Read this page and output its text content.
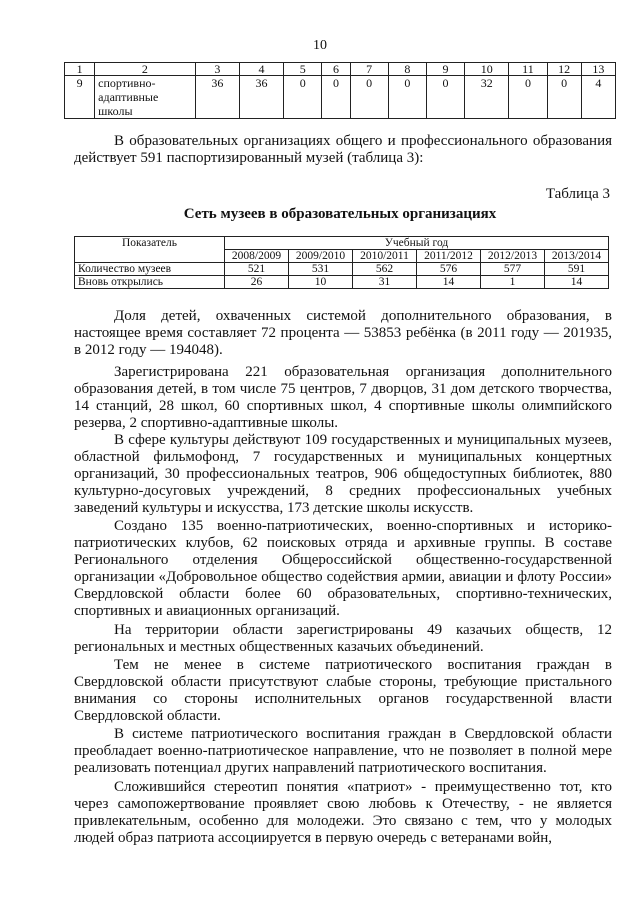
10
1	2	3	4	5	6	7	8	9	10	11	12	13
9	спортивно-адаптивные школы	36	36	0	0	0	0	0	32	0	0	4

В образовательных организациях общего и профессионального образования действует 591 паспортизированный музей (таблица 3):

Таблица 3
Сеть музеев в образовательных организациях
Показатель	Учебный год					
	2008/2009	2009/2010	2010/2011	2011/2012	2012/2013	2013/2014
Количество музеев	521	531	562	576	577	591
Вновь открылись	26	10	31	14	1	14

Доля детей, охваченных системой дополнительного образования, в настоящее время составляет 72 процента — 53853 ребёнка (в 2011 году — 201935, в 2012 году — 194048).

Зарегистрирована 221 образовательная организация дополнительного образования детей, в том числе 75 центров, 7 дворцов, 31 дом детского творчества, 14 станций, 28 школ, 60 спортивных школ, 4 спортивные школы олимпийского резерва, 2 спортивно-адаптивные школы.

В сфере культуры действуют 109 государственных и муниципальных музеев, областной фильмофонд, 7 государственных и муниципальных концертных организаций, 30 профессиональных театров, 906 общедоступных библиотек, 880 культурно-досуговых учреждений, 8 средних профессиональных учебных заведений культуры и искусства, 173 детские школы искусств.

Создано 135 военно-патриотических, военно-спортивных и историко-патриотических клубов, 62 поисковых отряда и архивные группы. В составе Регионального отделения Общероссийской общественно-государственной организации «Добровольное общество содействия армии, авиации и флоту России» Свердловской области более 60 образовательных, спортивно-технических, спортивных и авиационных организаций.

На территории области зарегистрированы 49 казачьих обществ, 12 региональных и местных общественных казачьих объединений.

Тем не менее в системе патриотического воспитания граждан в Свердловской области присутствуют слабые стороны, требующие пристального внимания со стороны исполнительных органов государственной власти Свердловской области.

В системе патриотического воспитания граждан в Свердловской области преобладает военно-патриотическое направление, что не позволяет в полной мере реализовать потенциал других направлений патриотического воспитания.

Сложившийся стереотип понятия «патриот» - преимущественно тот, кто через самопожертвование проявляет свою любовь к Отечеству, - не является привлекательным, особенно для молодежи. Это связано с тем, что у молодых людей образ патриота ассоциируется в первую очередь с ветеранами войн,
